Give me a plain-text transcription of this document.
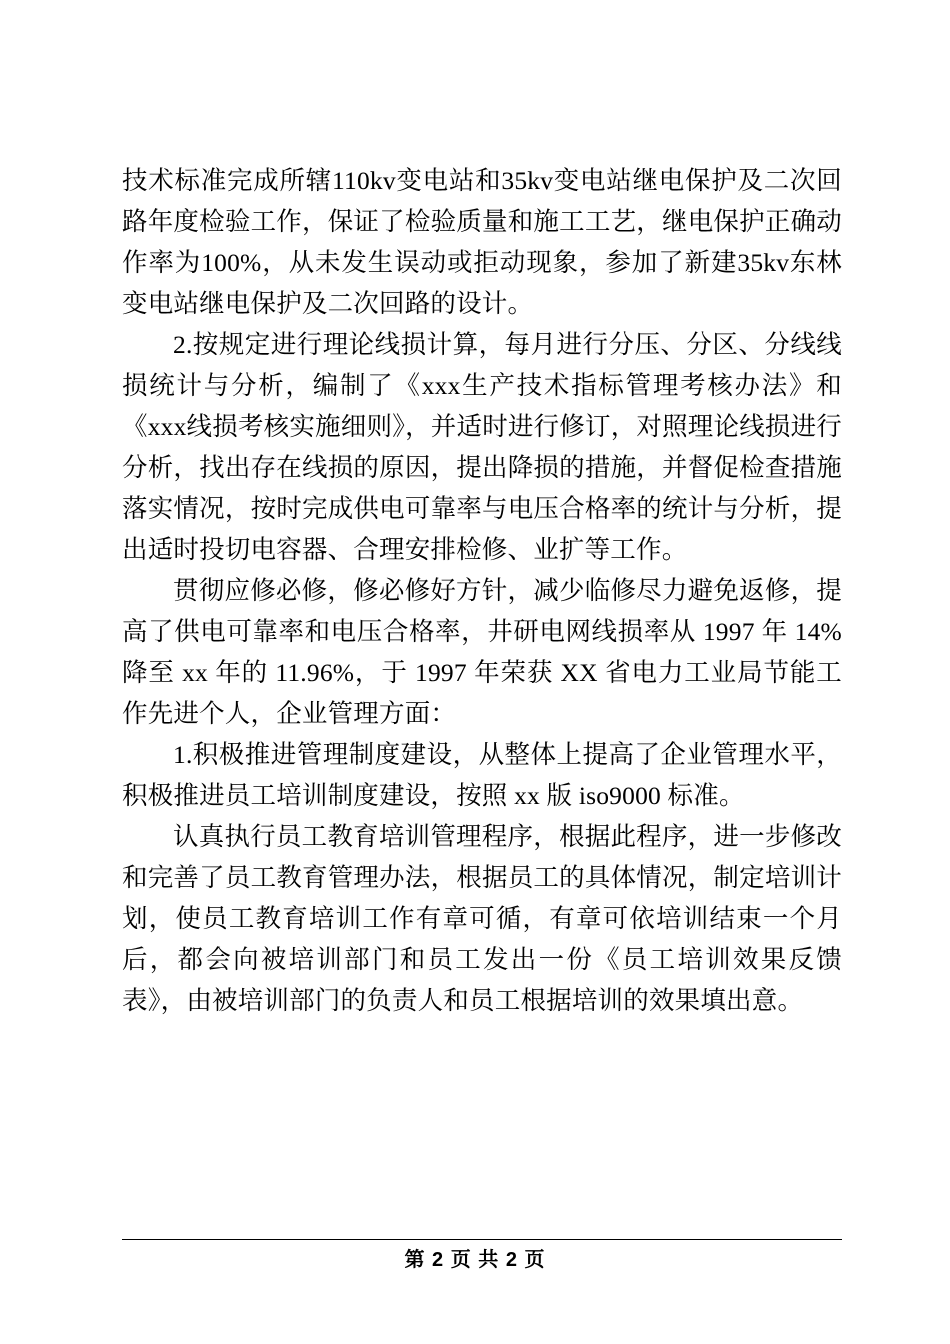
技术标准完成所辖110kv变电站和35kv变电站继电保护及二次回路年度检验工作，保证了检验质量和施工工艺，继电保护正确动作率为100%，从未发生误动或拒动现象，参加了新建35kv东林变电站继电保护及二次回路的设计。

2.按规定进行理论线损计算，每月进行分压、分区、分线线损统计与分析，编制了《xxx生产技术指标管理考核办法》和《xxx线损考核实施细则》，并适时进行修订，对照理论线损进行分析，找出存在线损的原因，提出降损的措施，并督促检查措施落实情况，按时完成供电可靠率与电压合格率的统计与分析，提出适时投切电容器、合理安排检修、业扩等工作。

贯彻应修必修，修必修好方针，减少临修尽力避免返修，提高了供电可靠率和电压合格率，井研电网线损率从 1997 年 14%降至 xx 年的 11.96%，于 1997 年荣获 XX 省电力工业局节能工作先进个人，企业管理方面：

1.积极推进管理制度建设，从整体上提高了企业管理水平，积极推进员工培训制度建设，按照 xx 版 iso9000 标准。

认真执行员工教育培训管理程序，根据此程序，进一步修改和完善了员工教育管理办法，根据员工的具体情况，制定培训计划，使员工教育培训工作有章可循，有章可依培训结束一个月后，都会向被培训部门和员工发出一份《员工培训效果反馈表》，由被培训部门的负责人和员工根据培训的效果填出意。

第 2 页 共 2 页
